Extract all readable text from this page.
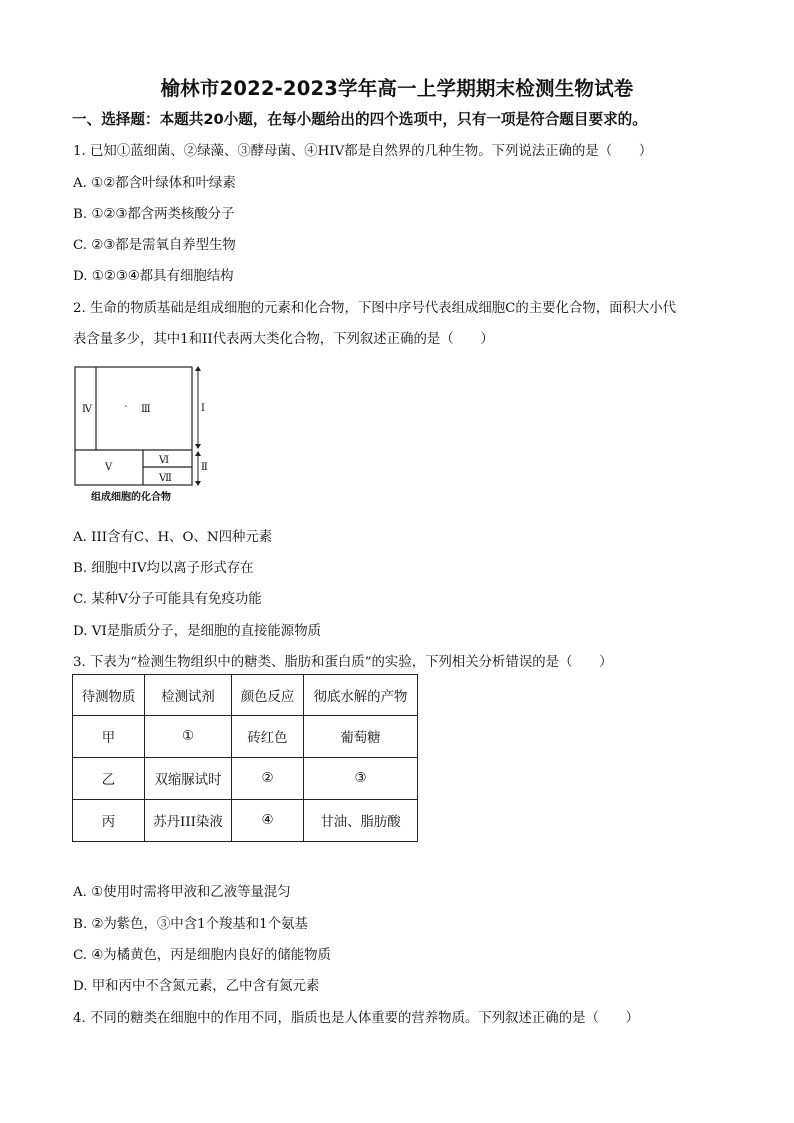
榆林市2022-2023学年高一上学期期末检测生物试卷
一、选择题：本题共20小题，在每小题给出的四个选项中，只有一项是符合题目要求的。
1. 已知①蓝细菌、②绿藻、③酵母菌、④HIV都是自然界的几种生物。下列说法正确的是（　　）
A. ①②都含叶绿体和叶绿素
B. ①②③都含两类核酸分子
C. ②③都是需氧自养型生物
D. ①②③④都具有细胞结构
2. 生命的物质基础是组成细胞的元素和化合物，下图中序号代表组成细胞C的主要化合物，面积大小代
表含量多少，其中1和II代表两大类化合物，下列叙述正确的是（　　）
Ⅳ	Ⅲ
Ⅴ
Ⅵ
Ⅶ
Ⅰ
Ⅱ
组成细胞的化合物
A. III含有C、H、O、N四种元素
B. 细胞中IV均以离子形式存在
C. 某种V分子可能具有免疫功能
D. VI是脂质分子，是细胞的直接能源物质
3. 下表为“检测生物组织中的糖类、脂肪和蛋白质”的实验，下列相关分析错误的是（　　）
待测物质	检测试剂	颜色反应	彻底水解的产物
甲	①	砖红色	葡萄糖
乙	双缩脲试时	②	③
丙	苏丹III染液	④	甘油、脂肪酸
A. ①使用时需将甲液和乙液等量混匀
B. ②为紫色，③中含1个羧基和1个氨基
C. ④为橘黄色，丙是细胞内良好的储能物质
D. 甲和丙中不含氮元素，乙中含有氮元素
4. 不同的糖类在细胞中的作用不同，脂质也是人体重要的营养物质。下列叙述正确的是（　　）
